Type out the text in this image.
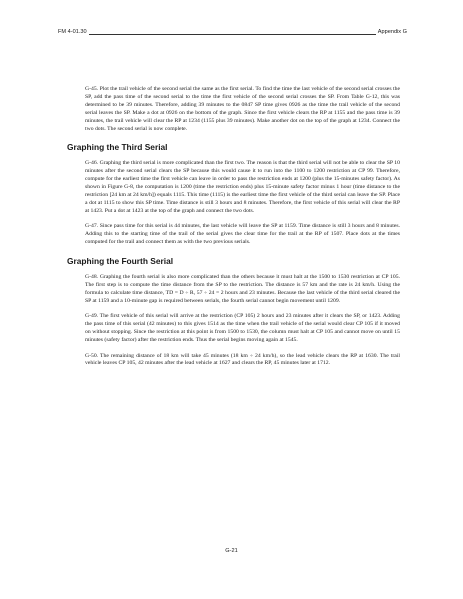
FM 4-01.30	Appendix G

G-45. Plot the trail vehicle of the second serial the same as the first serial. To find the time the last vehicle of the second serial crosses the SP, add the pass time of the second serial to the time the first vehicle of the second serial crosses the SP. From Table G-12, this was determined to be 39 minutes. Therefore, adding 39 minutes to the 0847 SP time gives 0926 as the time the trail vehicle of the second serial leaves the SP. Make a dot at 0926 on the bottom of the graph. Since the first vehicle clears the RP at 1155 and the pass time is 39 minutes, the trail vehicle will clear the RP at 1234 (1155 plus 39 minutes). Make another dot on the top of the graph at 1234. Connect the two dots. The second serial is now complete.

Graphing the Third Serial

G-46. Graphing the third serial is more complicated than the first two. The reason is that the third serial will not be able to clear the SP 10 minutes after the second serial clears the SP because this would cause it to run into the 1100 to 1200 restriction at CP 99. Therefore, compute for the earliest time the first vehicle can leave in order to pass the restriction ends at 1200 (plus the 15-minutes safety factor). As shown in Figure G-8, the computation is 1200 (time the restriction ends) plus 15-minute safety factor minus 1 hour (time distance to the restriction [24 km at 24 km/h]) equals 1115. This time (1115) is the earliest time the first vehicle of the third serial can leave the SP. Place a dot at 1115 to show this SP time. Time distance is still 3 hours and 8 minutes. Therefore, the first vehicle of this serial will clear the RP at 1423. Put a dot at 1423 at the top of the graph and connect the two dots.

G-47. Since pass time for this serial is 44 minutes, the last vehicle will leave the SP at 1159. Time distance is still 3 hours and 8 minutes. Adding this to the starting time of the trail of the serial gives the clear time for the trail at the RP of 1507. Place dots at the times computed for the trail and connect them as with the two previous serials.

Graphing the Fourth Serial

G-48. Graphing the fourth serial is also more complicated than the others because it must halt at the 1500 to 1530 restriction at CP 105. The first step is to compute the time distance from the SP to the restriction. The distance is 57 km and the rate is 24 km/h. Using the formula to calculate time distance, TD = D ÷ R, 57 ÷ 24 = 2 hours and 23 minutes. Because the last vehicle of the third serial cleared the SP at 1159 and a 10-minute gap is required between serials, the fourth serial cannot begin movement until 1209.

G-49. The first vehicle of this serial will arrive at the restriction (CP 105) 2 hours and 23 minutes after it clears the SP, or 1423. Adding the pass time of this serial (42 minutes) to this gives 1514 as the time when the trail vehicle of the serial would clear CP 105 if it moved on without stopping. Since the restriction at this point is from 1500 to 1530, the column must halt at CP 105 and cannot move on until 15 minutes (safety factor) after the restriction ends. Thus the serial begins moving again at 1545.

G-50. The remaining distance of 18 km will take 45 minutes (18 km ÷ 24 km/h), so the lead vehicle clears the RP at 1630. The trail vehicle leaves CP 105, 42 minutes after the lead vehicle at 1627 and clears the RP, 45 minutes later at 1712.

G-21
